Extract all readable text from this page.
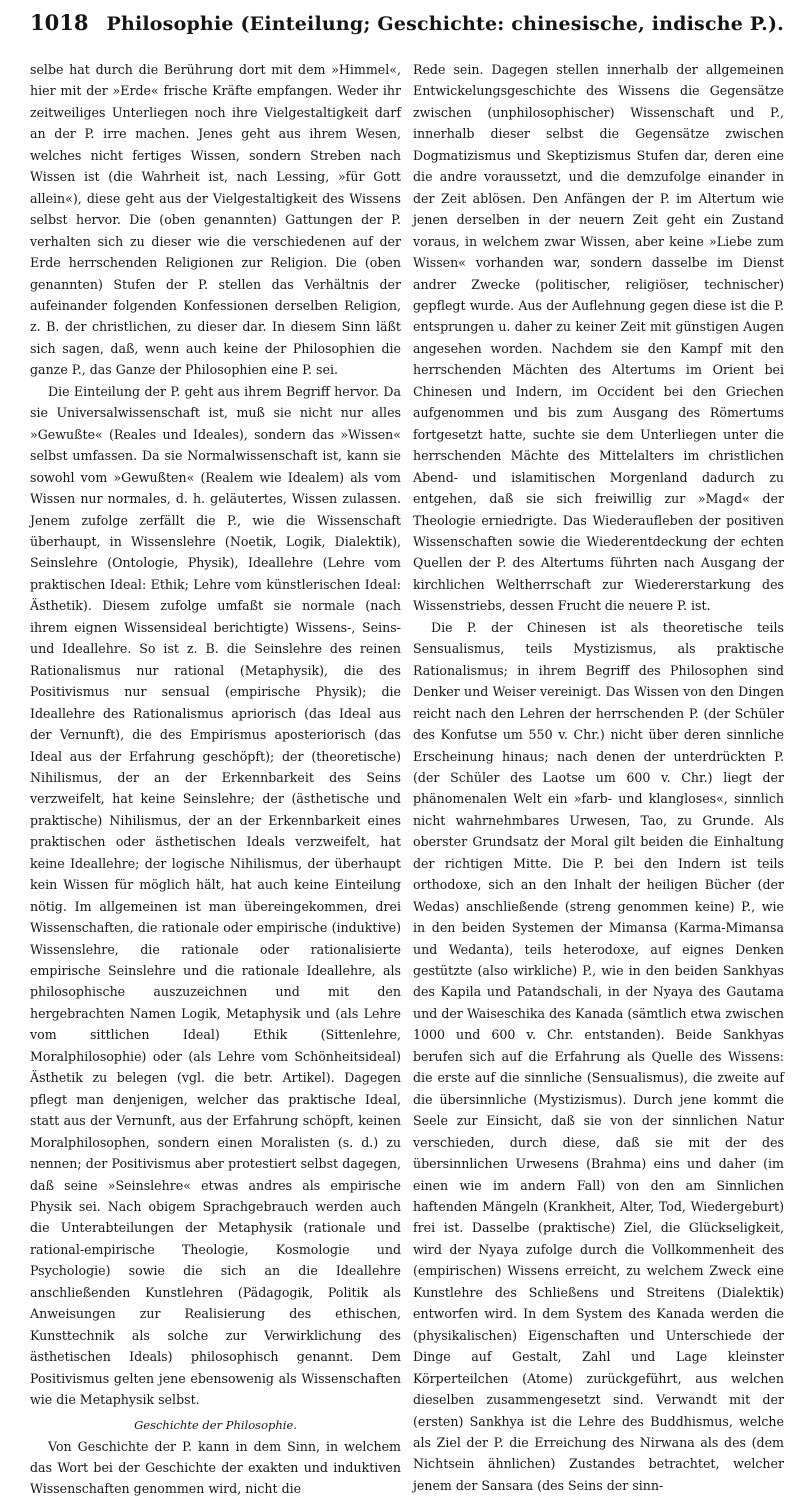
1018 Philosophie (Einteilung; Geschichte: chinesische, indische P.).

selbe hat durch die Berührung dort mit dem »Himmel«, hier mit der »Erde« frische Kräfte empfangen. Weder ihr zeitweiliges Unterliegen noch ihre Vielgestaltigkeit darf an der P. irre machen. Jenes geht aus ihrem Wesen, welches nicht fertiges Wissen, sondern Streben nach Wissen ist (die Wahrheit ist, nach Lessing, »für Gott allein«), diese geht aus der Vielgestaltigkeit des Wissens selbst hervor. Die (oben genannten) Gattungen der P. verhalten sich zu dieser wie die verschiedenen auf der Erde herrschenden Religionen zur Religion. Die (oben genannten) Stufen der P. stellen das Verhältnis der aufeinander folgenden Konfessionen derselben Religion, z. B. der christlichen, zu dieser dar. In diesem Sinn läßt sich sagen, daß, wenn auch keine der Philosophien die ganze P., das Ganze der Philosophien eine P. sei.

Die Einteilung der P. geht aus ihrem Begriff hervor. Da sie Universalwissenschaft ist, muß sie nicht nur alles »Gewußte« (Reales und Ideales), sondern das »Wissen« selbst umfassen. Da sie Normalwissenschaft ist, kann sie sowohl vom »Gewußten« (Realem wie Idealem) als vom Wissen nur normales, d. h. geläutertes, Wissen zulassen. Jenem zufolge zerfällt die P., wie die Wissenschaft überhaupt, in Wissenslehre (Noetik, Logik, Dialektik), Seinslehre (Ontologie, Physik), Ideallehre (Lehre vom praktischen Ideal: Ethik; Lehre vom künstlerischen Ideal: Ästhetik). Diesem zufolge umfaßt sie normale (nach ihrem eignen Wissensideal berichtigte) Wissens-, Seins- und Ideallehre. So ist z. B. die Seinslehre des reinen Rationalismus nur rational (Metaphysik), die des Positivismus nur sensual (empirische Physik); die Ideallehre des Rationalismus apriorisch (das Ideal aus der Vernunft), die des Empirismus aposteriorisch (das Ideal aus der Erfahrung geschöpft); der (theoretische) Nihilismus, der an der Erkennbarkeit des Seins verzweifelt, hat keine Seinslehre; der (ästhetische und praktische) Nihilismus, der an der Erkennbarkeit eines praktischen oder ästhetischen Ideals verzweifelt, hat keine Ideallehre; der logische Nihilismus, der überhaupt kein Wissen für möglich hält, hat auch keine Einteilung nötig. Im allgemeinen ist man übereingekommen, drei Wissenschaften, die rationale oder empirische (induktive) Wissenslehre, die rationale oder rationalisierte empirische Seinslehre und die rationale Ideallehre, als philosophische auszuzeichnen und mit den hergebrachten Namen Logik, Metaphysik und (als Lehre vom sittlichen Ideal) Ethik (Sittenlehre, Moralphilosophie) oder (als Lehre vom Schönheitsideal) Ästhetik zu belegen (vgl. die betr. Artikel). Dagegen pflegt man denjenigen, welcher das praktische Ideal, statt aus der Vernunft, aus der Erfahrung schöpft, keinen Moralphilosophen, sondern einen Moralisten (s. d.) zu nennen; der Positivismus aber protestiert selbst dagegen, daß seine »Seinslehre« etwas andres als empirische Physik sei. Nach obigem Sprachgebrauch werden auch die Unterabteilungen der Metaphysik (rationale und rational-empirische Theologie, Kosmologie und Psychologie) sowie die sich an die Ideallehre anschließenden Kunstlehren (Pädagogik, Politik als Anweisungen zur Realisierung des ethischen, Kunsttechnik als solche zur Verwirklichung des ästhetischen Ideals) philosophisch genannt. Dem Positivismus gelten jene ebensowenig als Wissenschaften wie die Metaphysik selbst.

Geschichte der Philosophie.

Von Geschichte der P. kann in dem Sinn, in welchem das Wort bei der Geschichte der exakten und induktiven Wissenschaften genommen wird, nicht die

Rede sein. Dagegen stellen innerhalb der allgemeinen Entwickelungsgeschichte des Wissens die Gegensätze zwischen (unphilosophischer) Wissenschaft und P., innerhalb dieser selbst die Gegensätze zwischen Dogmatizismus und Skeptizismus Stufen dar, deren eine die andre voraussetzt, und die demzufolge einander in der Zeit ablösen. Den Anfängen der P. im Altertum wie jenen derselben in der neuern Zeit geht ein Zustand voraus, in welchem zwar Wissen, aber keine »Liebe zum Wissen« vorhanden war, sondern dasselbe im Dienst andrer Zwecke (politischer, religiöser, technischer) gepflegt wurde. Aus der Auflehnung gegen diese ist die P. entsprungen u. daher zu keiner Zeit mit günstigen Augen angesehen worden. Nachdem sie den Kampf mit den herrschenden Mächten des Altertums im Orient bei Chinesen und Indern, im Occident bei den Griechen aufgenommen und bis zum Ausgang des Römertums fortgesetzt hatte, suchte sie dem Unterliegen unter die herrschenden Mächte des Mittelalters im christlichen Abend- und islamitischen Morgenland dadurch zu entgehen, daß sie sich freiwillig zur »Magd« der Theologie erniedrigte. Das Wiederaufleben der positiven Wissenschaften sowie die Wiederentdeckung der echten Quellen der P. des Altertums führten nach Ausgang der kirchlichen Weltherrschaft zur Wiedererstarkung des Wissenstriebs, dessen Frucht die neuere P. ist.

Die P. der Chinesen ist als theoretische teils Sensualismus, teils Mystizismus, als praktische Rationalismus; in ihrem Begriff des Philosophen sind Denker und Weiser vereinigt. Das Wissen von den Dingen reicht nach den Lehren der herrschenden P. (der Schüler des Konfutse um 550 v. Chr.) nicht über deren sinnliche Erscheinung hinaus; nach denen der unterdrückten P. (der Schüler des Laotse um 600 v. Chr.) liegt der phänomenalen Welt ein »farb- und klangloses«, sinnlich nicht wahrnehmbares Urwesen, Tao, zu Grunde. Als oberster Grundsatz der Moral gilt beiden die Einhaltung der richtigen Mitte. Die P. bei den Indern ist teils orthodoxe, sich an den Inhalt der heiligen Bücher (der Wedas) anschließende (streng genommen keine) P., wie in den beiden Systemen der Mimansa (Karma-Mimansa und Wedanta), teils heterodoxe, auf eignes Denken gestützte (also wirkliche) P., wie in den beiden Sankhyas des Kapila und Patandschali, in der Nyaya des Gautama und der Waiseschika des Kanada (sämtlich etwa zwischen 1000 und 600 v. Chr. entstanden). Beide Sankhyas berufen sich auf die Erfahrung als Quelle des Wissens: die erste auf die sinnliche (Sensualismus), die zweite auf die übersinnliche (Mystizismus). Durch jene kommt die Seele zur Einsicht, daß sie von der sinnlichen Natur verschieden, durch diese, daß sie mit der des übersinnlichen Urwesens (Brahma) eins und daher (im einen wie im andern Fall) von den am Sinnlichen haftenden Mängeln (Krankheit, Alter, Tod, Wiedergeburt) frei ist. Dasselbe (praktische) Ziel, die Glückseligkeit, wird der Nyaya zufolge durch die Vollkommenheit des (empirischen) Wissens erreicht, zu welchem Zweck eine Kunstlehre des Schließens und Streitens (Dialektik) entworfen wird. In dem System des Kanada werden die (physikalischen) Eigenschaften und Unterschiede der Dinge auf Gestalt, Zahl und Lage kleinster Körperteilchen (Atome) zurückgeführt, aus welchen dieselben zusammengesetzt sind. Verwandt mit der (ersten) Sankhya ist die Lehre des Buddhismus, welche als Ziel der P. die Erreichung des Nirwana als des (dem Nichtsein ähnlichen) Zustandes betrachtet, welcher jenem der Sansara (des Seins der sinn-
